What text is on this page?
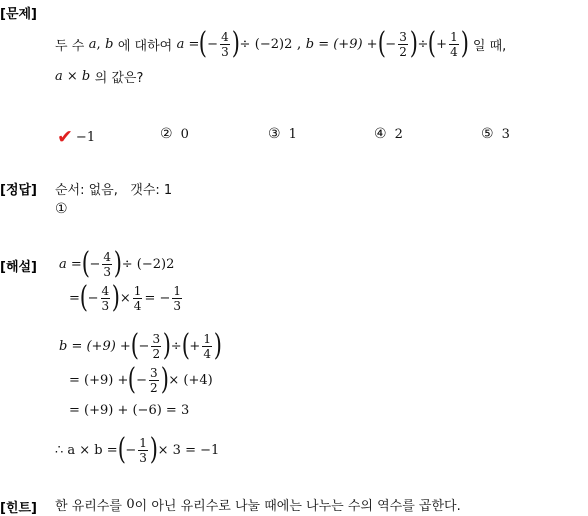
[문제]
두 수
a ,
b
에 대하여
a = ( − $\frac{4}{3}$ ) ÷
(−2) 2 , b = (+9) + ( − $\frac{3}{2}$ ) ÷ ( + $\frac{1}{4}$ )
일 때,
a × b
의 값은?
✔ −1	② 0	③ 1	④ 2	⑤ 3
[정답] 순서: 없음,   갯수: 1
①
[해설] a = ( − $\frac{4}{3}$ ) ÷ (−2) 2
= ( − $\frac{4}{3}$ ) × $\frac{1}{4}$ = − $\frac{1}{3}$
b = (+9) + ( − $\frac{3}{2}$ ) ÷ ( + $\frac{1}{4}$ )
= (+9) + ( − $\frac{3}{2}$ ) × (+4)
= (+9) + (−6) = 3
∴ a × b = ( − $\frac{1}{3}$ ) × 3 = −1
[힌트] 한 유리수를
0 이 아닌 유리수로 나눌 때에는 나누는 수의 역수를 곱한다.
